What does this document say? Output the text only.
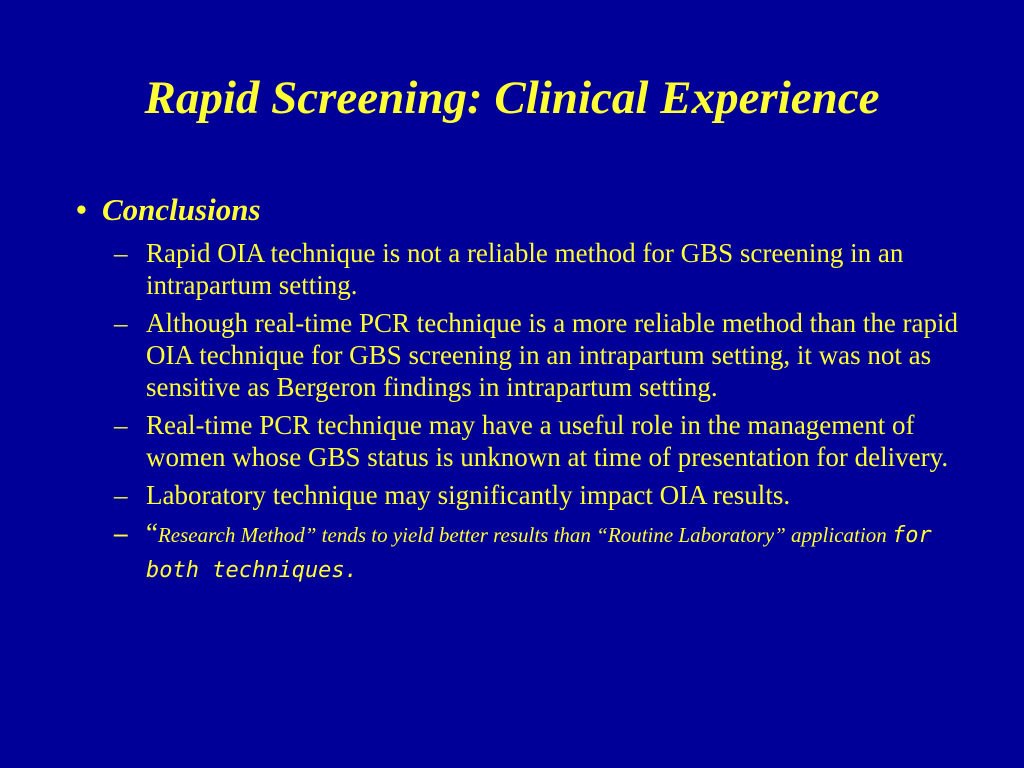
Rapid Screening: Clinical Experience
• Conclusions
– Rapid OIA technique is not a reliable method for GBS screening in an intrapartum setting.
– Although real-time PCR technique is a more reliable method than the rapid OIA technique for GBS screening in an intrapartum setting, it was not as sensitive as Bergeron findings in intrapartum setting.
– Real-time PCR technique may have a useful role in the management of women whose GBS status is unknown at time of presentation for delivery.
– Laboratory technique may significantly impact OIA results.
– “Research Method” tends to yield better results than “Routine Laboratory” application for both techniques.
